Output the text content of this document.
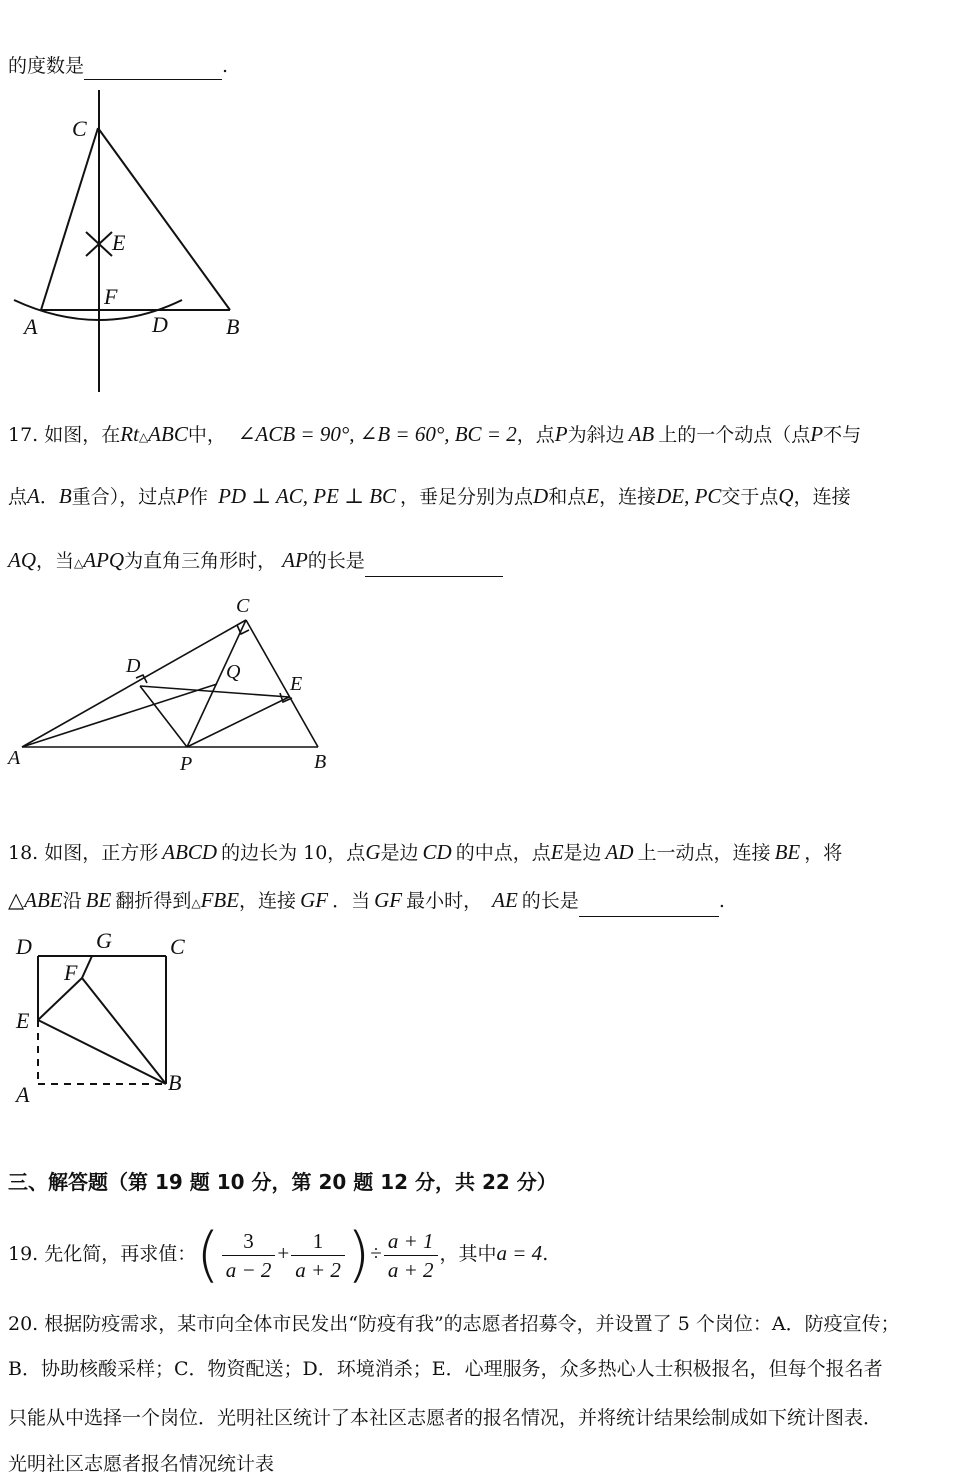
的度数是	.
C
E
F
A	D	B
17. 如图，在Rt△ABC中， ∠ACB = 90°, ∠B = 60°, BC = 2，点P为斜边 AB 上的一个动点（点P不与
点A．B重合），过点P作 PD ⊥ AC, PE ⊥ BC ，垂足分别为点D和点E，连接DE, PC交于点Q，连接
AQ，当△APQ为直角三角形时， AP的长是
C
D	Q
E
A	P	B
18. 如图，正方形 ABCD 的边长为 10，点G是边 CD 的中点，点E是边 AD 上一动点，连接 BE ，将
△ABE沿 BE 翻折得到△FBE，连接 GF ．当 GF 最小时， AE 的长是	.
D	G	C
F
E
B
A
三、解答题（第 19 题 10 分，第 20 题 12 分，共 22 分）
19. 先化简，再求值：( $\frac{3}{a - 2} + \frac{1}{a + 2}$ )÷ $\frac{a + 1}{a + 2}$ ，其中a = 4.
20. 根据防疫需求，某市向全体市民发出“防疫有我”的志愿者招募令，并设置了 5 个岗位：A．防疫宣传；
B．协助核酸采样；C．物资配送；D．环境消杀；E．心理服务，众多热心人士积极报名，但每个报名者
只能从中选择一个岗位．光明社区统计了本社区志愿者的报名情况，并将统计结果绘制成如下统计图表．
光明社区志愿者报名情况统计表
